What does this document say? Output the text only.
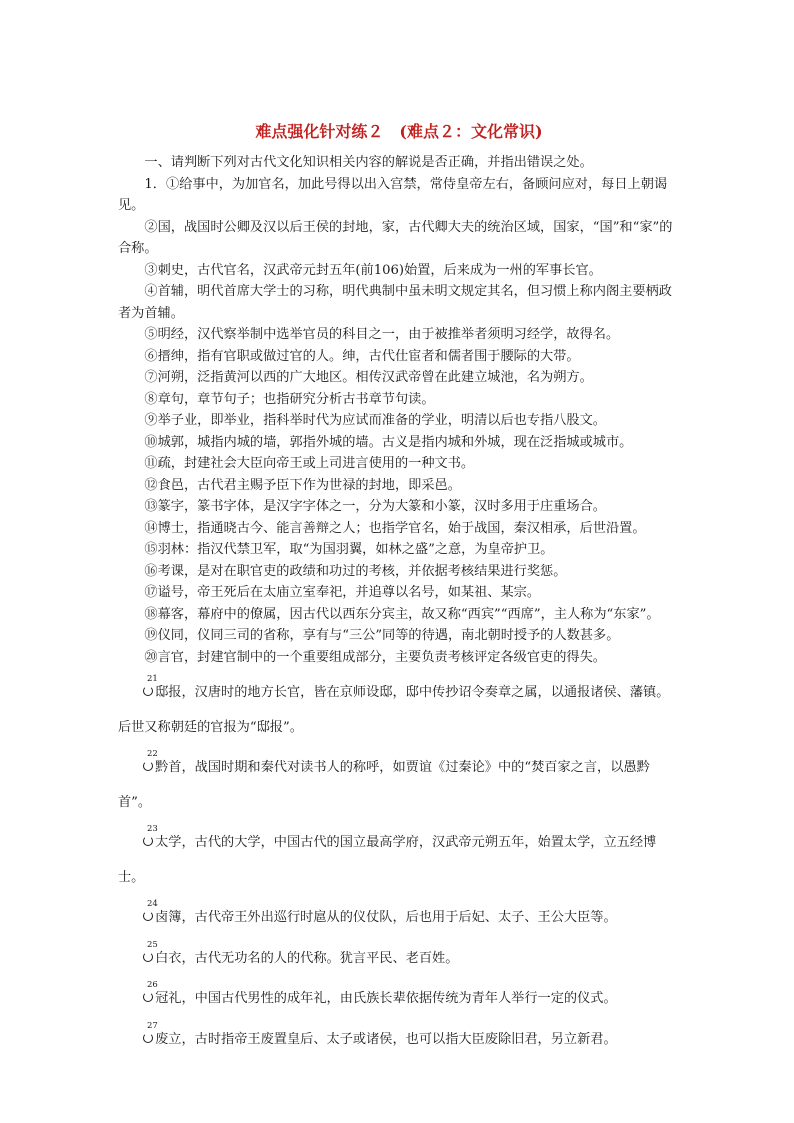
难点强化针对练２　(难点２：文化常识)

一、请判断下列对古代文化知识相关内容的解说是否正确，并指出错误之处。

1．①给事中，为加官名，加此号得以出入宫禁，常侍皇帝左右，备顾问应对，每日上朝谒见。

②国，战国时公卿及汉以后王侯的封地，家，古代卿大夫的统治区域，国家，“国”和“家”的合称。

③刺史，古代官名，汉武帝元封五年(前106)始置，后来成为一州的军事长官。

④首辅，明代首席大学士的习称，明代典制中虽未明文规定其名，但习惯上称内阁主要柄政者为首辅。

⑤明经，汉代察举制中选举官员的科目之一，由于被推举者须明习经学，故得名。

⑥搢绅，指有官职或做过官的人。绅，古代仕宦者和儒者围于腰际的大带。

⑦河朔，泛指黄河以西的广大地区。相传汉武帝曾在此建立城池，名为朔方。

⑧章句，章节句子；也指研究分析古书章节句读。

⑨举子业，即举业，指科举时代为应试而准备的学业，明清以后也专指八股文。

⑩城郭，城指内城的墙，郭指外城的墙。古义是指内城和外城，现在泛指城或城市。

⑪疏，封建社会大臣向帝王或上司进言使用的一种文书。

⑫食邑，古代君主赐予臣下作为世禄的封地，即采邑。

⑬篆字，篆书字体，是汉字字体之一，分为大篆和小篆，汉时多用于庄重场合。

⑭博士，指通晓古今、能言善辩之人；也指学官名，始于战国，秦汉相承，后世沿置。

⑮羽林：指汉代禁卫军，取“为国羽翼，如林之盛”之意，为皇帝护卫。

⑯考课，是对在职官吏的政绩和功过的考核，并依据考核结果进行奖惩。

⑰谥号，帝王死后在太庙立室奉祀，并追尊以名号，如某祖、某宗。

⑱幕客，幕府中的僚属，因古代以西东分宾主，故又称“西宾”“西席”，主人称为“东家”。

⑲仪同，仪同三司的省称，享有与“三公”同等的待遇，南北朝时授予的人数甚多。

⑳言官，封建官制中的一个重要组成部分，主要负责考核评定各级官吏的得失。

21
邸报，汉唐时的地方长官，皆在京师设邸，邸中传抄诏令奏章之属，以通报诸侯、藩镇。后世又称朝廷的官报为“邸报”。

22
黔首，战国时期和秦代对读书人的称呼，如贾谊《过秦论》中的“焚百家之言，以愚黔首”。

23
太学，古代的大学，中国古代的国立最高学府，汉武帝元朔五年，始置太学，立五经博士。

24
卤簿，古代帝王外出巡行时扈从的仪仗队，后也用于后妃、太子、王公大臣等。

25
白衣，古代无功名的人的代称。犹言平民、老百姓。

26
冠礼，中国古代男性的成年礼，由氏族长辈依据传统为青年人举行一定的仪式。

27
废立，古时指帝王废置皇后、太子或诸侯，也可以指大臣废除旧君，另立新君。
